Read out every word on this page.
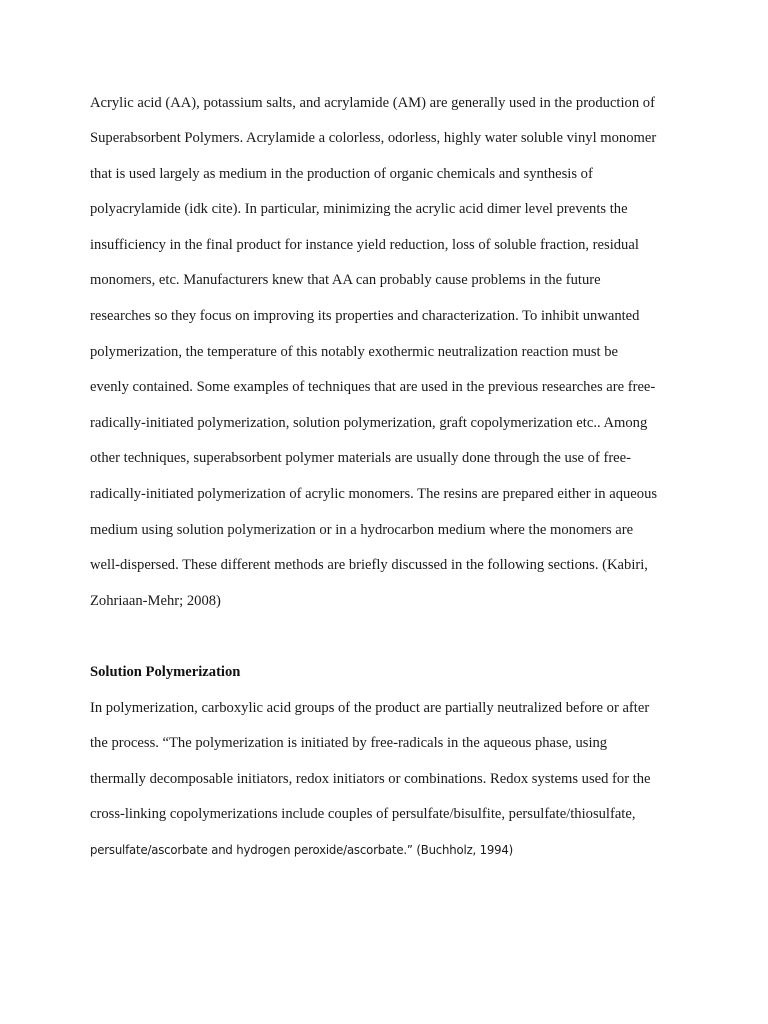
Acrylic acid (AA), potassium salts, and acrylamide (AM) are generally used in the production of

Superabsorbent Polymers. Acrylamide a colorless, odorless, highly water soluble vinyl monomer

that is used largely as medium in the production of organic chemicals and synthesis of

polyacrylamide (idk cite). In particular, minimizing the acrylic acid dimer level prevents the

insufficiency in the final product for instance yield reduction, loss of soluble fraction, residual

monomers, etc. Manufacturers knew that AA can probably cause problems in the future

researches so they focus on improving its properties and characterization. To inhibit unwanted

polymerization, the temperature of this notably exothermic neutralization reaction must be

evenly contained. Some examples of techniques that are used in the previous researches are free-

radically-initiated polymerization, solution polymerization, graft copolymerization etc.. Among

other techniques, superabsorbent polymer materials are usually done through the use of free-

radically-initiated polymerization of acrylic monomers. The resins are prepared either in aqueous

medium using solution polymerization or in a hydrocarbon medium where the monomers are

well-dispersed. These different methods are briefly discussed in the following sections. (Kabiri,

Zohriaan-Mehr; 2008)

Solution Polymerization

In polymerization, carboxylic acid groups of the product are partially neutralized before or after

the process. “The polymerization is initiated by free-radicals in the aqueous phase, using

thermally decomposable initiators, redox initiators or combinations. Redox systems used for the

cross-linking copolymerizations include couples of persulfate/bisulfite, persulfate/thiosulfate,

persulfate/ascorbate and hydrogen peroxide/ascorbate.” (Buchholz, 1994)
